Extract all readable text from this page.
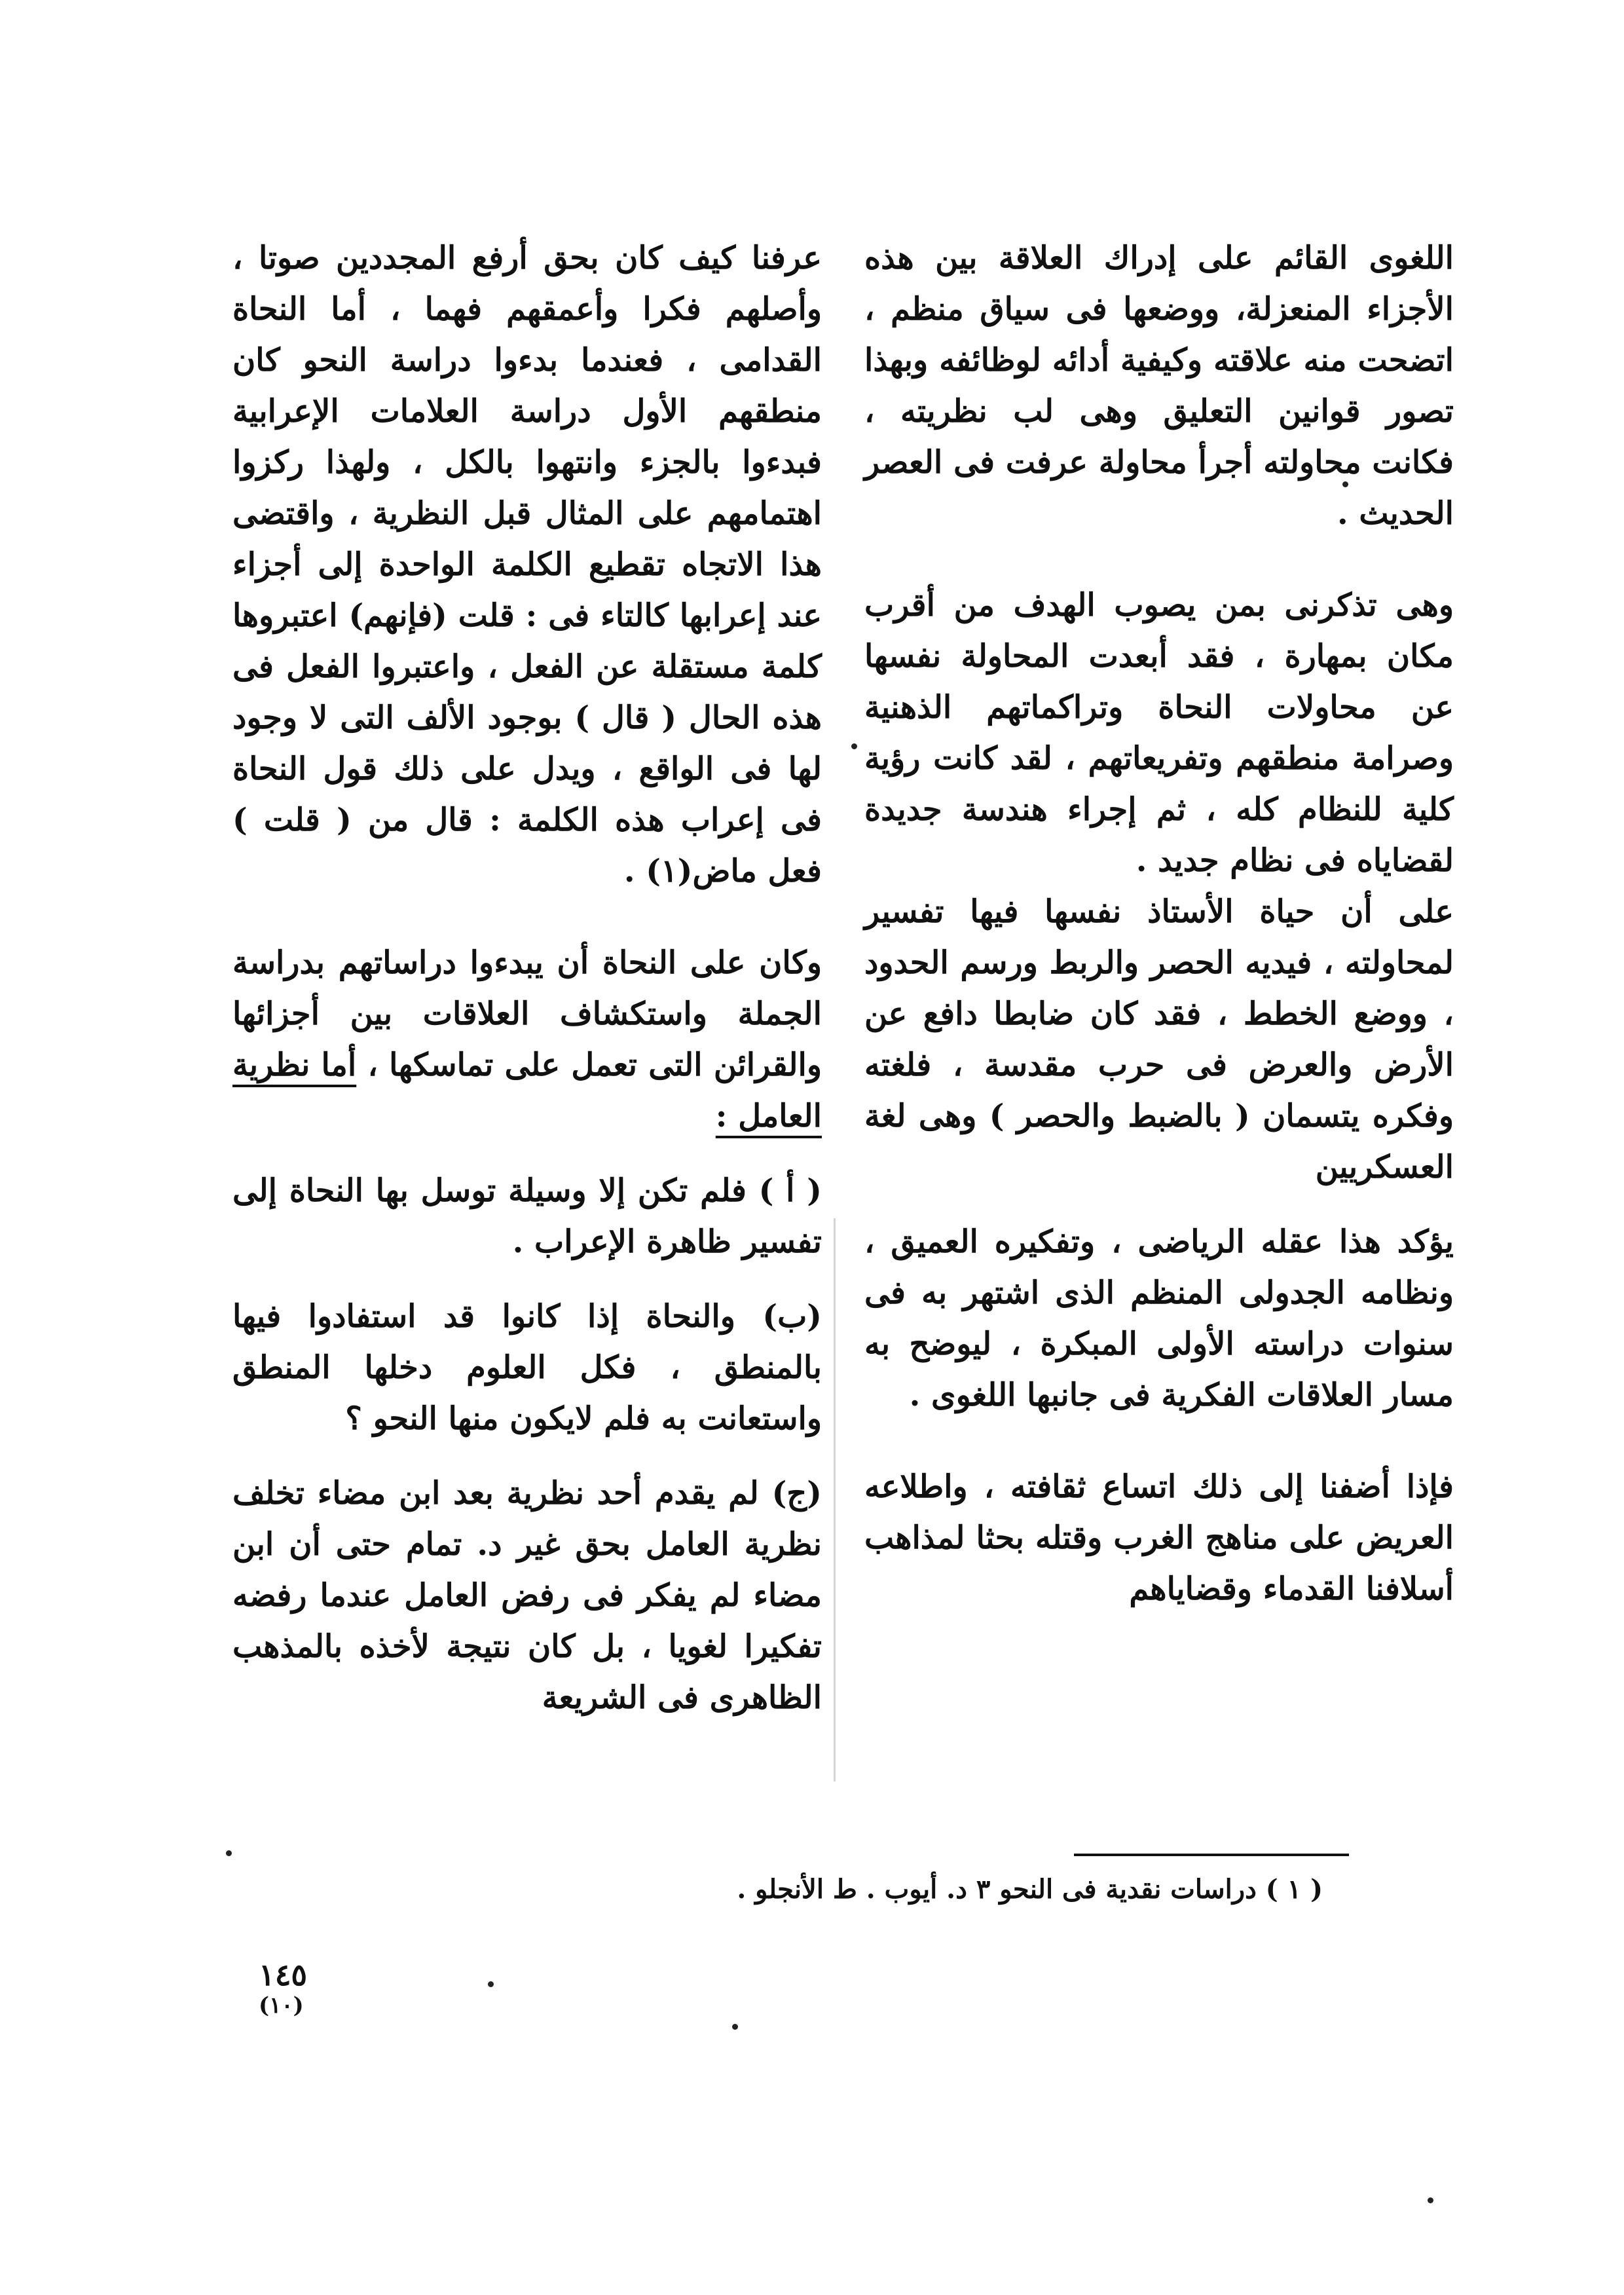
اللغوى القائم على إدراك العلاقة بين هذه الأجزاء المنعزلة، ووضعها فى سياق منظم ، اتضحت منه علاقته وكيفية أدائه لوظائفه وبهذا تصور قوانين التعليق وهى لب نظريته ، فكانت محاولته أجرأ محاولة عرفت فى العصر الحديث .

وهى تذكرنى بمن يصوب الهدف من أقرب مكان بمهارة ، فقد أبعدت المحاولة نفسها عن محاولات النحاة وتراكماتهم الذهنية وصرامة منطقهم وتفريعاتهم ، لقد كانت رؤية كلية للنظام كله ، ثم إجراء هندسة جديدة لقضاياه فى نظام جديد .

على أن حياة الأستاذ نفسها فيها تفسير لمحاولته ، فيديه الحصر والربط ورسم الحدود ، ووضع الخطط ، فقد كان ضابطا دافع عن الأرض والعرض فى حرب مقدسة ، فلغته وفكره يتسمان ( بالضبط والحصر ) وهى لغة العسكريين

يؤكد هذا عقله الرياضى ، وتفكيره العميق ، ونظامه الجدولى المنظم الذى اشتهر به فى سنوات دراسته الأولى المبكرة ، ليوضح به مسار العلاقات الفكرية فى جانبها اللغوى .

فإذا أضفنا إلى ذلك اتساع ثقافته ، واطلاعه العريض على مناهج الغرب وقتله بحثا لمذاهب أسلافنا القدماء وقضاياهم

عرفنا كيف كان بحق أرفع المجددين صوتا ، وأصلهم فكرا وأعمقهم فهما ، أما النحاة القدامى ، فعندما بدءوا دراسة النحو كان منطقهم الأول دراسة العلامات الإعرابية فبدءوا بالجزء وانتهوا بالكل ، ولهذا ركزوا اهتمامهم على المثال قبل النظرية ، واقتضى هذا الاتجاه تقطيع الكلمة الواحدة إلى أجزاء عند إعرابها كالتاء فى : قلت (فإنهم) اعتبروها كلمة مستقلة عن الفعل ، واعتبروا الفعل فى هذه الحال ( قال ) بوجود الألف التى لا وجود لها فى الواقع ، ويدل على ذلك قول النحاة فى إعراب هذه الكلمة : قال من ( قلت ) فعل ماض(١) .

وكان على النحاة أن يبدءوا دراساتهم بدراسة الجملة واستكشاف العلاقات بين أجزائها والقرائن التى تعمل على تماسكها ، أما نظرية العامل :

( أ ) فلم تكن إلا وسيلة توسل بها النحاة إلى تفسير ظاهرة الإعراب .

(ب) والنحاة إذا كانوا قد استفادوا فيها بالمنطق ، فكل العلوم دخلها المنطق واستعانت به فلم لايكون منها النحو ؟

(ج) لم يقدم أحد نظرية بعد ابن مضاء تخلف نظرية العامل بحق غير د. تمام حتى أن ابن مضاء لم يفكر فى رفض العامل عندما رفضه تفكيرا لغويا ، بل كان نتيجة لأخذه بالمذهب الظاهرى فى الشريعة

( ١ ) دراسات نقدية فى النحو ٣ د. أيوب . ط الأنجلو .

١٤٥

(١٠)
